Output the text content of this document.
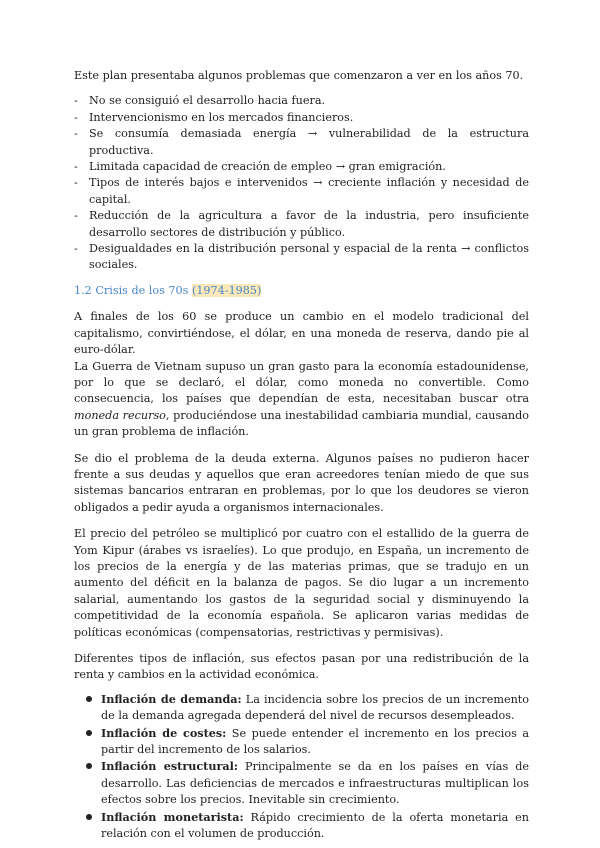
Este plan presentaba algunos problemas que comenzaron a ver en los años 70.

- No se consiguió el desarrollo hacia fuera.
- Intervencionismo en los mercados financieros.
- Se consumía demasiada energía → vulnerabilidad de la estructura productiva.
- Limitada capacidad de creación de empleo → gran emigración.
- Tipos de interés bajos e intervenidos → creciente inflación y necesidad de capital.
- Reducción de la agricultura a favor de la industria, pero insuficiente desarrollo sectores de distribución y público.
- Desigualdades en la distribución personal y espacial de la renta → conflictos sociales.
1.2 Crisis de los 70s (1974-1985)

A finales de los 60 se produce un cambio en el modelo tradicional del capitalismo, convirtiéndose, el dólar, en una moneda de reserva, dando pie al euro-dólar.

La Guerra de Vietnam supuso un gran gasto para la economía estadounidense, por lo que se declaró, el dólar, como moneda no convertible. Como consecuencia, los países que dependían de esta, necesitaban buscar otra moneda recurso, produciéndose una inestabilidad cambiaria mundial, causando un gran problema de inflación.

Se dio el problema de la deuda externa. Algunos países no pudieron hacer frente a sus deudas y aquellos que eran acreedores tenían miedo de que sus sistemas bancarios entraran en problemas, por lo que los deudores se vieron obligados a pedir ayuda a organismos internacionales.

El precio del petróleo se multiplicó por cuatro con el estallido de la guerra de Yom Kipur (árabes vs israelíes). Lo que produjo, en España, un incremento de los precios de la energía y de las materias primas, que se tradujo en un aumento del déficit en la balanza de pagos. Se dio lugar a un incremento salarial, aumentando los gastos de la seguridad social y disminuyendo la competitividad de la economía española. Se aplicaron varias medidas de políticas económicas (compensatorias, restrictivas y permisivas).

Diferentes tipos de inflación, sus efectos pasan por una redistribución de la renta y cambios en la actividad económica.

Inflación de demanda: La incidencia sobre los precios de un incremento de la demanda agregada dependerá del nivel de recursos desempleados.
Inflación de costes: Se puede entender el incremento en los precios a partir del incremento de los salarios.
Inflación estructural: Principalmente se da en los países en vías de desarrollo. Las deficiencias de mercados e infraestructuras multiplican los efectos sobre los precios. Inevitable sin crecimiento.
Inflación monetarista: Rápido crecimiento de la oferta monetaria en relación con el volumen de producción.
